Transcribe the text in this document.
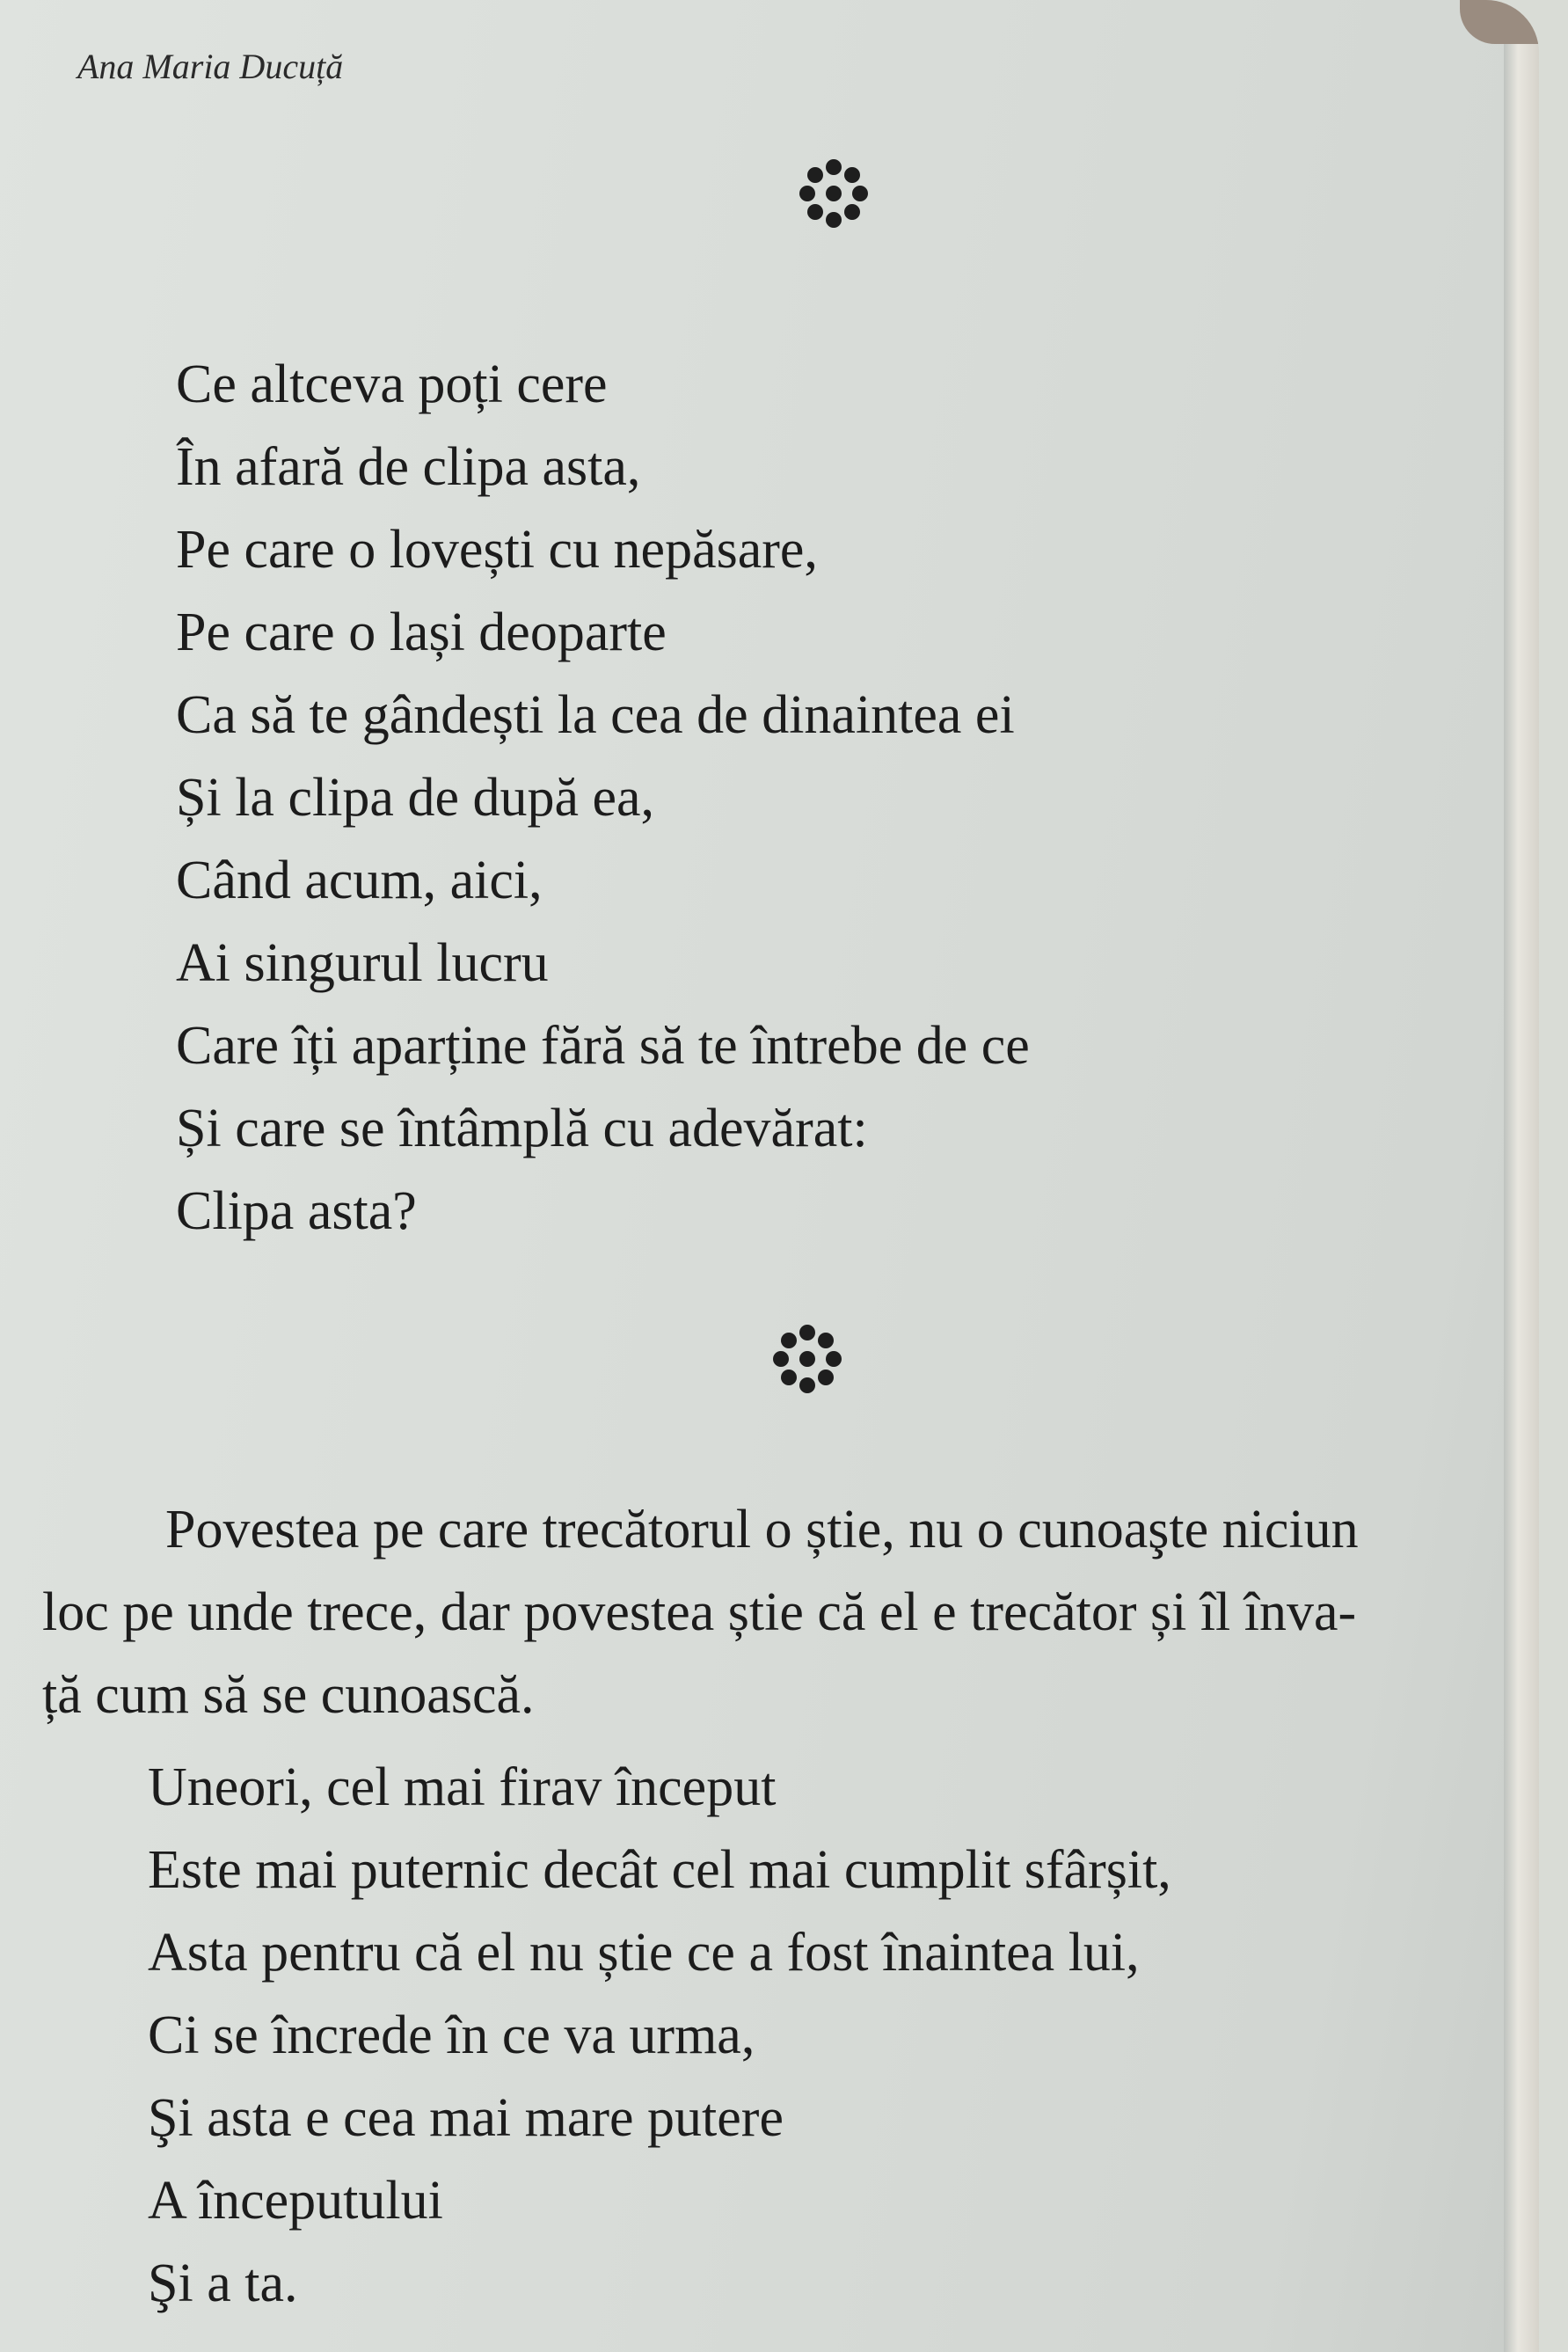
Ana Maria Ducuță
Ce altceva poți cere
În afară de clipa asta,
Pe care o lovești cu nepăsare,
Pe care o lași deoparte
Ca să te gândești la cea de dinaintea ei
Și la clipa de după ea,
Când acum, aici,
Ai singurul lucru
Care îți aparține fără să te întrebe de ce
Și care se întâmplă cu adevărat:
Clipa asta?

Povestea pe care trecătorul o știe, nu o cunoaşte niciun
loc pe unde trece, dar povestea știe că el e trecător și îl înva-
ță cum să se cunoască.

Uneori, cel mai firav început
Este mai puternic decât cel mai cumplit sfârșit,
Asta pentru că el nu știe ce a fost înaintea lui,
Ci se încrede în ce va urma,
Şi asta e cea mai mare putere
A începutului
Şi a ta.
